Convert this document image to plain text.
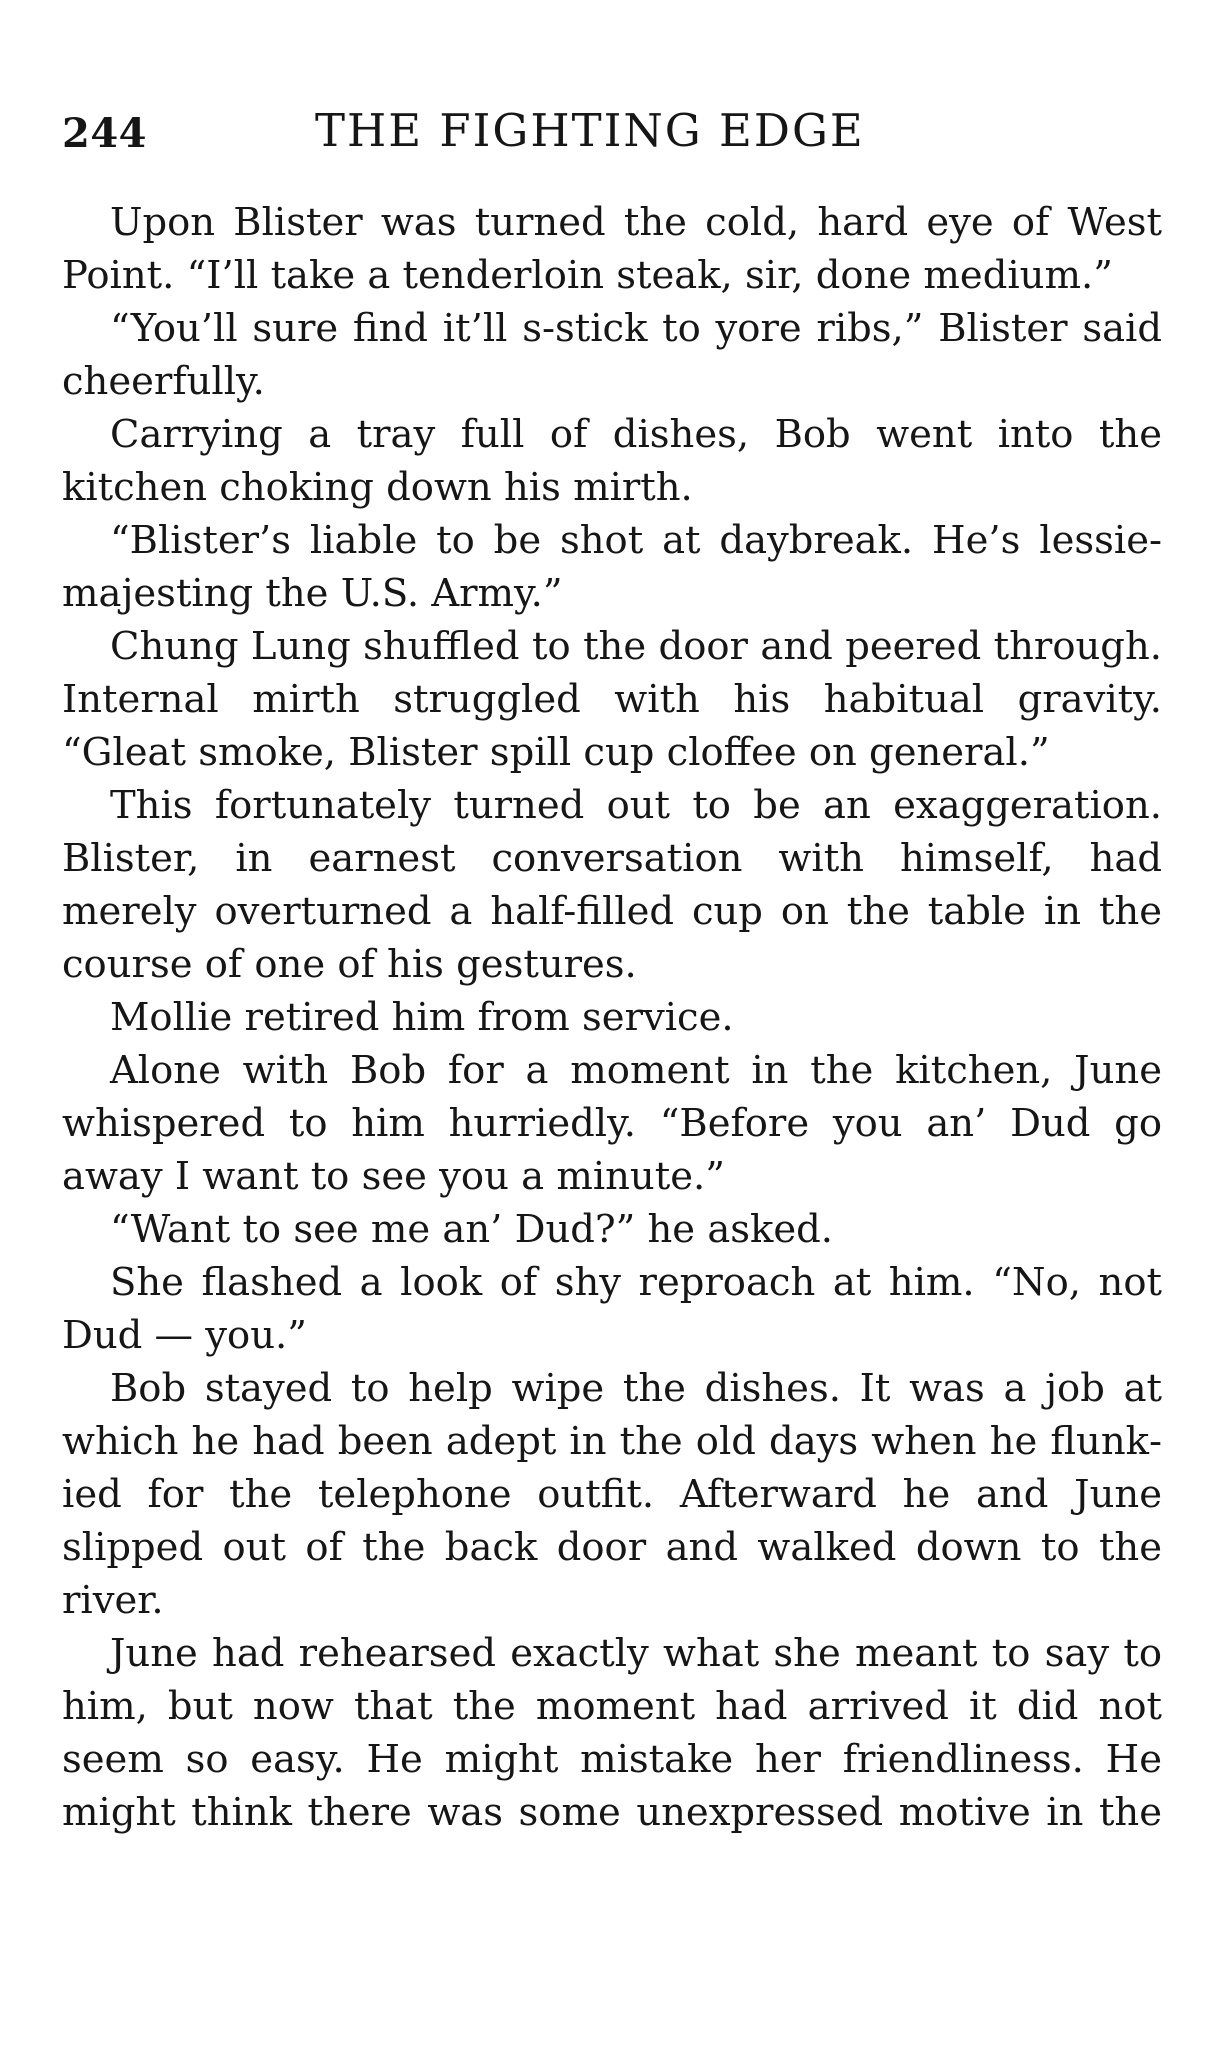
244	THE FIGHTING EDGE

Upon Blister was turned the cold, hard eye of West Point. “I’ll take a tenderloin steak, sir, done medium.”

“You’ll sure find it’ll s-stick to yore ribs,” Blister said cheerfully.

Carrying a tray full of dishes, Bob went into the kitchen choking down his mirth.

“Blister’s liable to be shot at daybreak. He’s lessie-majesting the U.S. Army.”

Chung Lung shuffled to the door and peered through. Internal mirth struggled with his habitual gravity. “Gleat smoke, Blister spill cup cloffee on general.”

This fortunately turned out to be an exaggeration. Blister, in earnest conversation with himself, had merely overturned a half-filled cup on the table in the course of one of his gestures.

Mollie retired him from service.

Alone with Bob for a moment in the kitchen, June whispered to him hurriedly. “Before you an’ Dud go away I want to see you a minute.”

“Want to see me an’ Dud?” he asked.

She flashed a look of shy reproach at him. “No, not Dud — you.”

Bob stayed to help wipe the dishes. It was a job at which he had been adept in the old days when he flunkied for the telephone outfit. Afterward he and June slipped out of the back door and walked down to the river.

June had rehearsed exactly what she meant to say to him, but now that the moment had arrived it did not seem so easy. He might mistake her friendliness. He might think there was some unexpressed motive in the
